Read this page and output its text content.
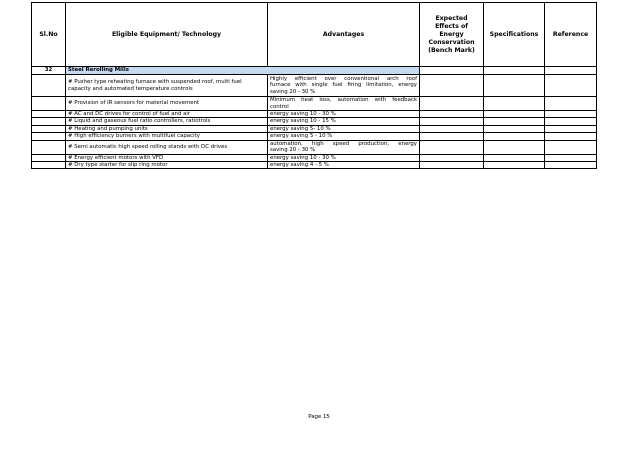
Sl.No	Eligible Equipment/ Technology	Advantages	Expected
Effects of
Energy
Conservation
(Bench Mark)	Specifications	Reference
32	Steel Rerolling Mills				
	# Pusher type reheating furnace with suspended roof, multi fuel capacity and automated temperature controls	Highly efficient over conventional arch roof
furnace with single fuel firing limitation, energy
saving 20 - 30 %			

	# Provision of IR sensors for material movement	Minimum heat loss, automation with feedback
control			

	# AC and DC drives for control of fuel and air	energy saving 10 - 30 %			
	# Liquid and gaseous fuel ratio controllers, ratiotrols	energy saving 10 - 15 %			
	# Heating and pumping units	energy saving 5- 10 %			
	# High efficiency burners with multifuel capacity	energy saving 5 - 10 %			
	# Semi automatic high speed rolling stands with DC drives	automation, high speed production, energy
saving 20 - 30 %			

	# Energy efficient motors with VFD	energy saving 10 - 30 %			
	# Dry type starter for slip ring motor	energy saving 4 - 5 %			
Page 15
